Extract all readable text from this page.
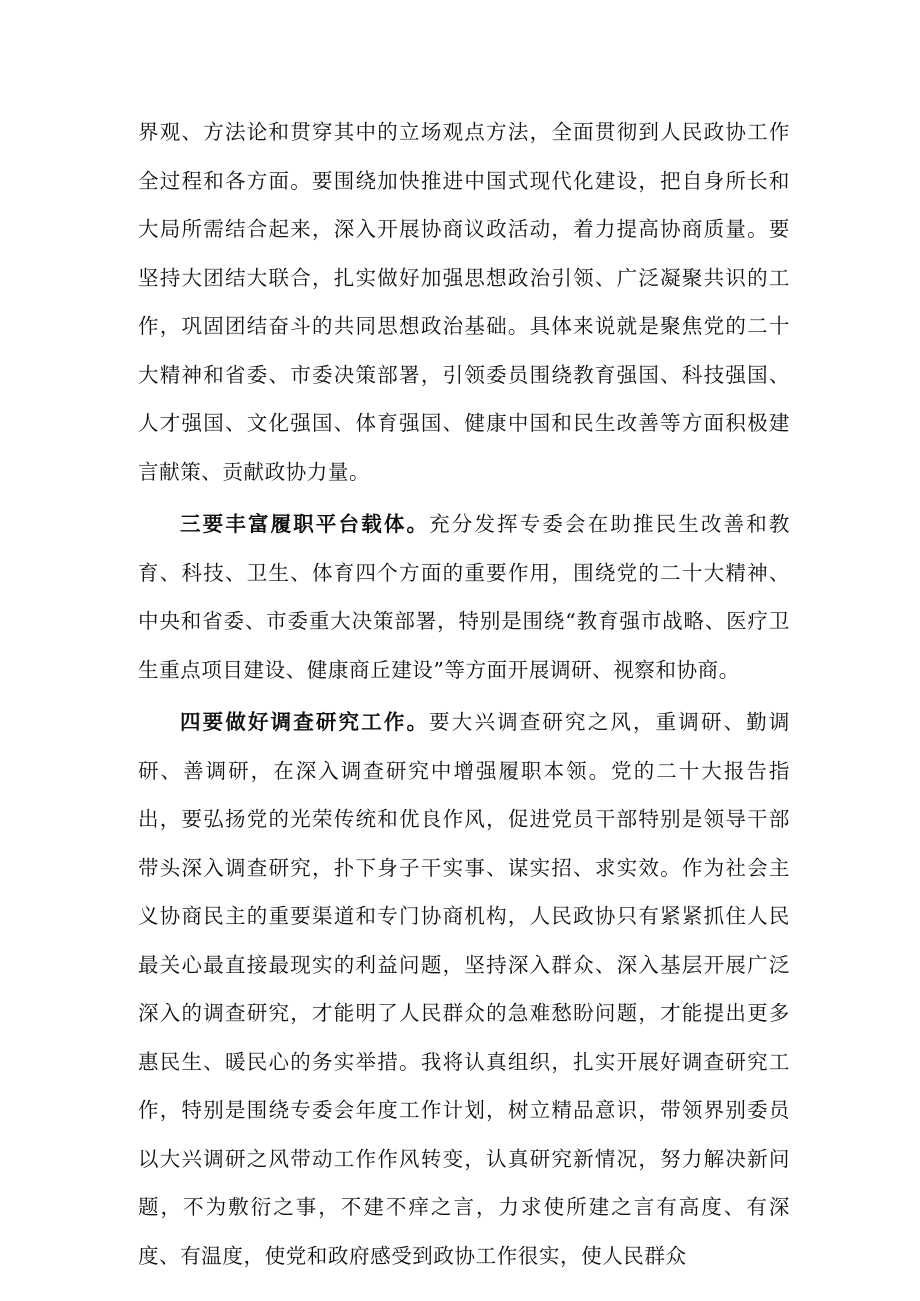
界观、方法论和贯穿其中的立场观点方法，全面贯彻到人民政协工作全过程和各方面。要围绕加快推进中国式现代化建设，把自身所长和大局所需结合起来，深入开展协商议政活动，着力提高协商质量。要坚持大团结大联合，扎实做好加强思想政治引领、广泛凝聚共识的工作，巩固团结奋斗的共同思想政治基础。具体来说就是聚焦党的二十大精神和省委、市委决策部署，引领委员围绕教育强国、科技强国、人才强国、文化强国、体育强国、健康中国和民生改善等方面积极建言献策、贡献政协力量。

三要丰富履职平台载体。充分发挥专委会在助推民生改善和教育、科技、卫生、体育四个方面的重要作用，围绕党的二十大精神、中央和省委、市委重大决策部署，特别是围绕“教育强市战略、医疗卫生重点项目建设、健康商丘建设”等方面开展调研、视察和协商。

四要做好调查研究工作。要大兴调查研究之风，重调研、勤调研、善调研，在深入调查研究中增强履职本领。党的二十大报告指出，要弘扬党的光荣传统和优良作风，促进党员干部特别是领导干部带头深入调查研究，扑下身子干实事、谋实招、求实效。作为社会主义协商民主的重要渠道和专门协商机构，人民政协只有紧紧抓住人民最关心最直接最现实的利益问题，坚持深入群众、深入基层开展广泛深入的调查研究，才能明了人民群众的急难愁盼问题，才能提出更多惠民生、暖民心的务实举措。我将认真组织，扎实开展好调查研究工作，特别是围绕专委会年度工作计划，树立精品意识，带领界别委员以大兴调研之风带动工作作风转变，认真研究新情况，努力解决新问题，不为敷衍之事，不建不痒之言，力求使所建之言有高度、有深度、有温度，使党和政府感受到政协工作很实，使人民群众
